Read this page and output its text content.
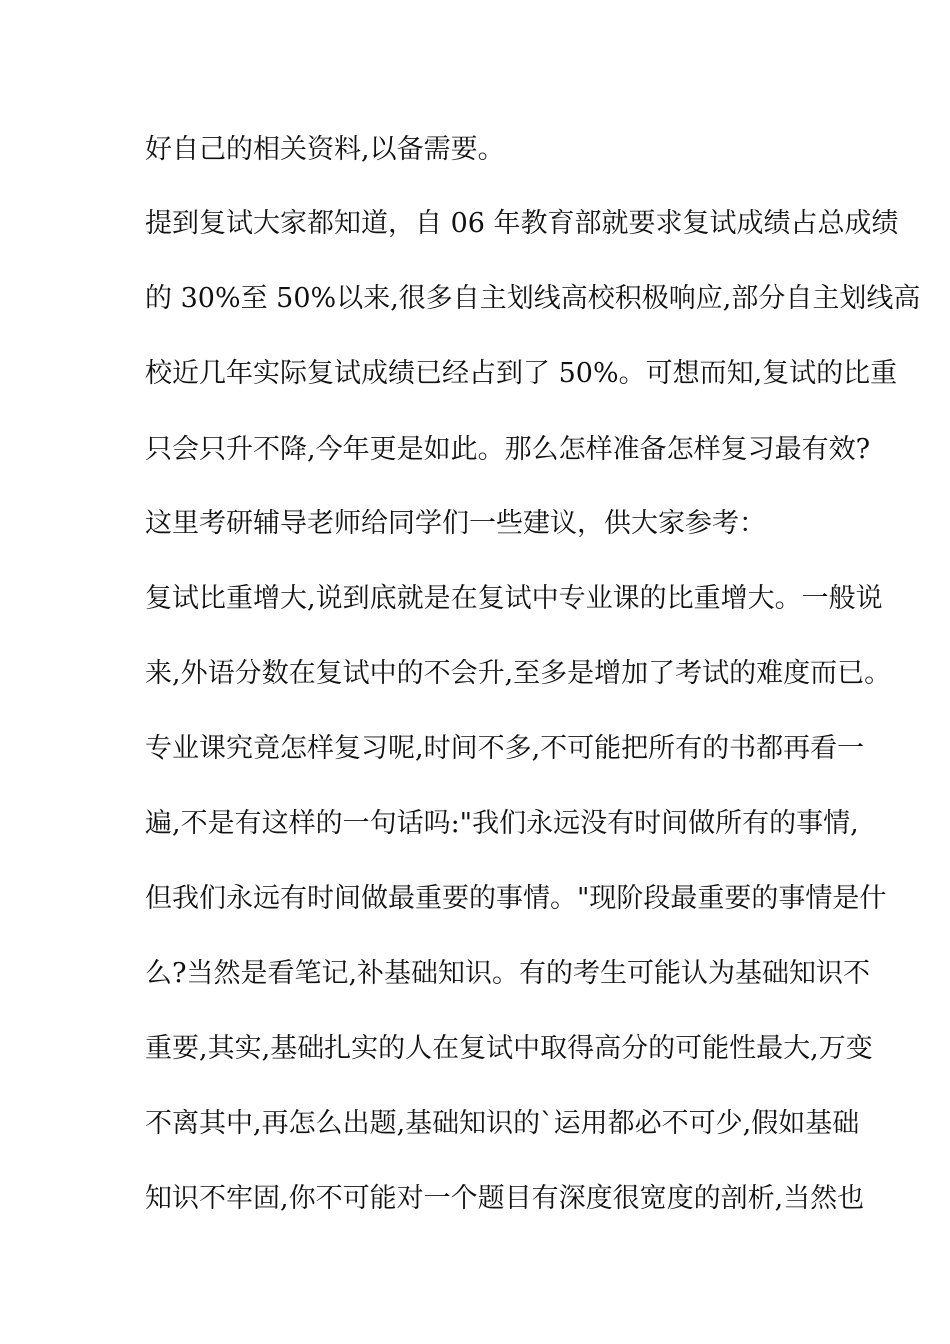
好自己的相关资料,以备需要。
提到复试大家都知道，自 06 年教育部就要求复试成绩占总成绩
的 30%至 50%以来,很多自主划线高校积极响应,部分自主划线高
校近几年实际复试成绩已经占到了 50%。可想而知,复试的比重
只会只升不降,今年更是如此。那么怎样准备怎样复习最有效?
这里考研辅导老师给同学们一些建议，供大家参考：
复试比重增大,说到底就是在复试中专业课的比重增大。一般说
来,外语分数在复试中的不会升,至多是增加了考试的难度而已。
专业课究竟怎样复习呢,时间不多,不可能把所有的书都再看一
遍,不是有这样的一句话吗:"我们永远没有时间做所有的事情,
但我们永远有时间做最重要的事情。"现阶段最重要的事情是什
么?当然是看笔记,补基础知识。有的考生可能认为基础知识不
重要,其实,基础扎实的人在复试中取得高分的可能性最大,万变
不离其中,再怎么出题,基础知识的`运用都必不可少,假如基础
知识不牢固,你不可能对一个题目有深度很宽度的剖析,当然也
